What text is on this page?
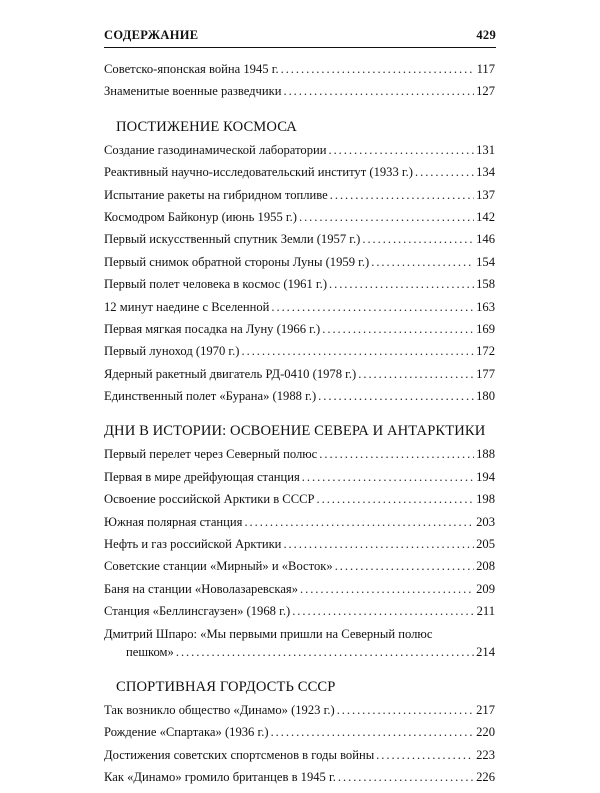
СОДЕРЖАНИЕ	429
Советско-японская война 1945 г. . . .	117
Знаменитые военные разведчики . . .	127
ПОСТИЖЕНИЕ КОСМОСА
Создание газодинамической лаборатории . . .	131
Реактивный научно-исследовательский институт (1933 г.) . . .	134
Испытание ракеты на гибридном топливе . . .	137
Космодром Байконур (июнь 1955 г.) . . .	142
Первый искусственный спутник Земли (1957 г.) . . .	146
Первый снимок обратной стороны Луны (1959 г.) . . .	154
Первый полет человека в космос (1961 г.) . . .	158
12 минут наедине с Вселенной . . .	163
Первая мягкая посадка на Луну (1966 г.) . . .	169
Первый луноход (1970 г.) . . .	172
Ядерный ракетный двигатель РД-0410 (1978 г.) . . .	177
Единственный полет «Бурана» (1988 г.) . . .	180
ДНИ В ИСТОРИИ: ОСВОЕНИЕ СЕВЕРА И АНТАРКТИКИ
Первый перелет через Северный полюс . . .	188
Первая в мире дрейфующая станция . . .	194
Освоение российской Арктики в СССР . . .	198
Южная полярная станция . . .	203
Нефть и газ российской Арктики . . .	205
Советские станции «Мирный» и «Восток» . . .	208
Баня на станции «Новолазаревская» . . .	209
Станция «Беллинсгаузен» (1968 г.) . . .	211
Дмитрий Шпаро: «Мы первыми пришли на Северный полюс
пешком» . . .	214
СПОРТИВНАЯ ГОРДОСТЬ СССР
Так возникло общество «Динамо» (1923 г.) . . .	217
Рождение «Спартака» (1936 г.) . . .	220
Достижения советских спортсменов в годы войны . . .	223
Как «Динамо» громило британцев в 1945 г. . . .	226
